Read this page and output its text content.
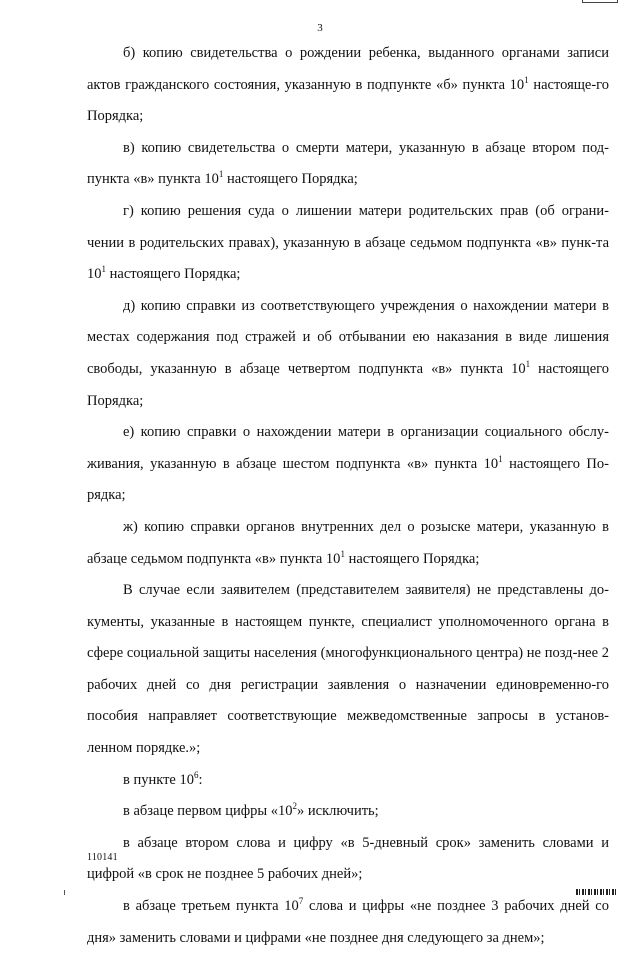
3

б) копию свидетельства о рождении ребенка, выданного органами записи актов гражданского состояния, указанную в подпункте «б» пункта $10^1$ настояще-го Порядка;

в) копию свидетельства о смерти матери, указанную в абзаце втором под-пункта «в» пункта $10^1$ настоящего Порядка;

г) копию решения суда о лишении матери родительских прав (об ограни-чении в родительских правах), указанную в абзаце седьмом подпункта «в» пунк-та $10^1$ настоящего Порядка;

д) копию справки из соответствующего учреждения о нахождении матери в местах содержания под стражей и об отбывании ею наказания в виде лишения свободы, указанную в абзаце четвертом подпункта «в» пункта $10^1$ настоящего Порядка;

е) копию справки о нахождении матери в организации социального обслу-живания, указанную в абзаце шестом подпункта «в» пункта $10^1$ настоящего По-рядка;

ж) копию справки органов внутренних дел о розыске матери, указанную в абзаце седьмом подпункта «в» пункта $10^1$ настоящего Порядка;

В случае если заявителем (представителем заявителя) не представлены до-кументы, указанные в настоящем пункте, специалист уполномоченного органа в сфере социальной защиты населения (многофункционального центра) не позд-нее 2 рабочих дней со дня регистрации заявления о назначении единовременно-го пособия направляет соответствующие межведомственные запросы в установ-ленном порядке.»;

в пункте $10^6$:

в абзаце первом цифры «$10^2$» исключить;

в абзаце втором слова и цифру «в 5-дневный срок» заменить словами и цифрой «в срок не позднее 5 рабочих дней»;

в абзаце третьем пункта $10^7$ слова и цифры «не позднее 3 рабочих дней со дня» заменить словами и цифрами «не позднее дня следующего за днем»;

110141
